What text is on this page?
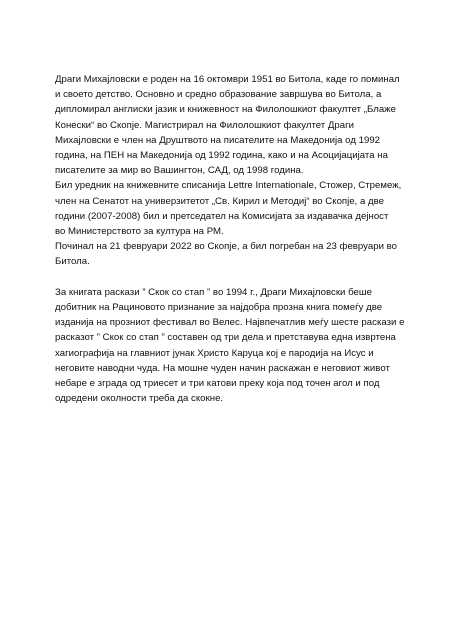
Драги Михајловски е роден на 16 октомври 1951 во Битола, каде го поминал
и своето детство. Основно и средно образование завршува во Битола, а
дипломирал англиски јазик и книжевност на Филолошкиот факултет „Блаже
Конески“ во Скопје. Магистрирал на Филолошкиот факултет Драги
Михајловски е член на Друштвото на писателите на Македонија од 1992
година, на ПЕН на Македонија од 1992 година, како и на Асоцијацијата на
писателите за мир во Вашингтон, САД, од 1998 година.

Бил уредник на книжевните списанија Lettre Internationale, Стожер, Стремеж,
член на Сенатот на универзитетот „Св. Кирил и Методиј“ во Скопје, а две
години (2007-2008) бил и претседател на Комисијата за издавачка дејност
во Министерството за култура на РМ.

Починал на 21 февруари 2022 во Скопје, а бил погребан на 23 февруари во
Битола.

За книгата раскази ” Скок со стап ” во 1994 г., Драги Михајловски беше
добитник на Рациновото признание за најдобра прозна книга помеѓу две
изданија на прозниот фестивал во Велес. Највпечатлив меѓу шесте раскази е
расказот ” Скок со стап ” составен од три дела и претставува една извртена
хагиографија на главниот јунак Христо Каруца кој е пародија на Исус и
неговите наводни чуда. На мошне чуден начин раскажан е неговиот живот
небаре е зграда од триесет и три катови преку која под точен агол и под
одредени околности треба да скокне.
